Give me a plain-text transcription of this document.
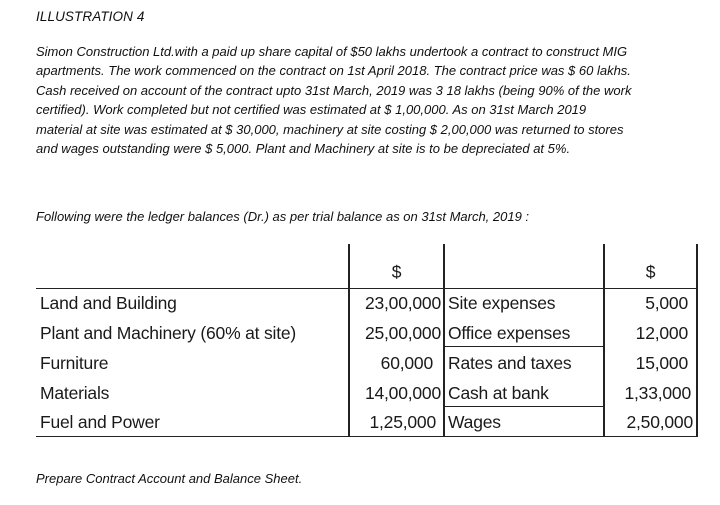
ILLUSTRATION 4
Simon Construction Ltd.with a paid up share capital of $50 lakhs undertook a contract to construct MIG
apartments. The work commenced on the contract on 1st April 2018. The contract price was $ 60 lakhs.
Cash received on account of the contract upto 31st March, 2019 was 3 18 lakhs (being 90% of the work
certified). Work completed but not certified was estimated at $ 1,00,000. As on 31st March 2019
material at site was estimated at $ 30,000, machinery at site costing $ 2,00,000 was returned to stores
and wages outstanding were $ 5,000. Plant and Machinery at site is to be depreciated at 5%.
Following were the ledger balances (Dr.) as per trial balance as on 31st March, 2019 :
$	$
Land and Building	23,00,000 Site expenses	5,000
Plant and Machinery (60% at site)	25,00,000 Office expenses	12,000
Furniture	60,000 Rates and taxes	15,000
Materials	14,00,000 Cash at bank	1,33,000
Fuel and Power	1,25,000 Wages	2,50,000
Prepare Contract Account and Balance Sheet.
